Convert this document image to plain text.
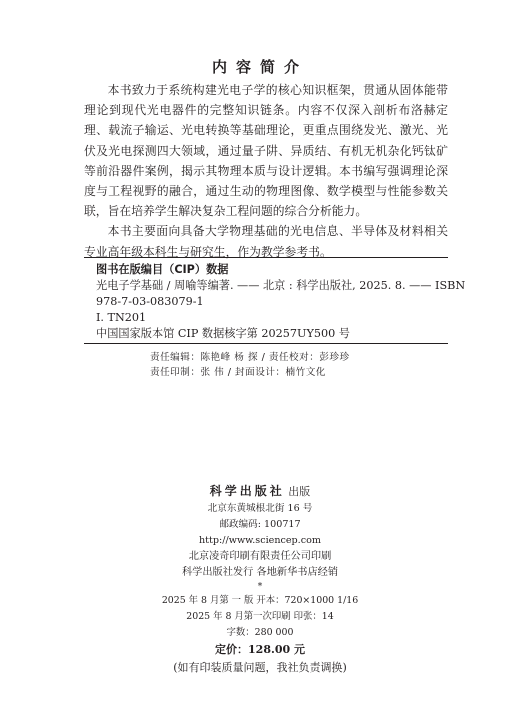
内容简介

本书致力于系统构建光电子学的核心知识框架，贯通从固体能带理论到现代光电器件的完整知识链条。内容不仅深入剖析布洛赫定理、载流子输运、光电转换等基础理论，更重点围绕发光、激光、光伏及光电探测四大领域，通过量子阱、异质结、有机无机杂化钙钛矿等前沿器件案例，揭示其物理本质与设计逻辑。本书编写强调理论深度与工程视野的融合，通过生动的物理图像、数学模型与性能参数关联，旨在培养学生解决复杂工程问题的综合分析能力。

本书主要面向具备大学物理基础的光电信息、半导体及材料相关专业高年级本科生与研究生，作为教学参考书。

图书在版编目（CIP）数据
光电子学基础 / 周喻等编著. —— 北京 : 科学出版社, 2025. 8. —— ISBN
978-7-03-083079-1
Ⅰ. TN201
中国国家版本馆 CIP 数据核字第 20257UY500 号
责任编辑：陈艳峰 杨 探 / 责任校对：彭珍珍
责任印制：张 伟 / 封面设计：楠竹文化
科学出版社 出版
北京东黄城根北街 16 号
邮政编码: 100717
http://www.sciencep.com
北京凌奇印刷有限责任公司印刷
科学出版社发行 各地新华书店经销
*
2025 年 8 月第 一 版 开本：720×1000 1/16
2025 年 8 月第一次印刷 印张：14
字数：280 000
定价：128.00 元
(如有印装质量问题，我社负责调换)
